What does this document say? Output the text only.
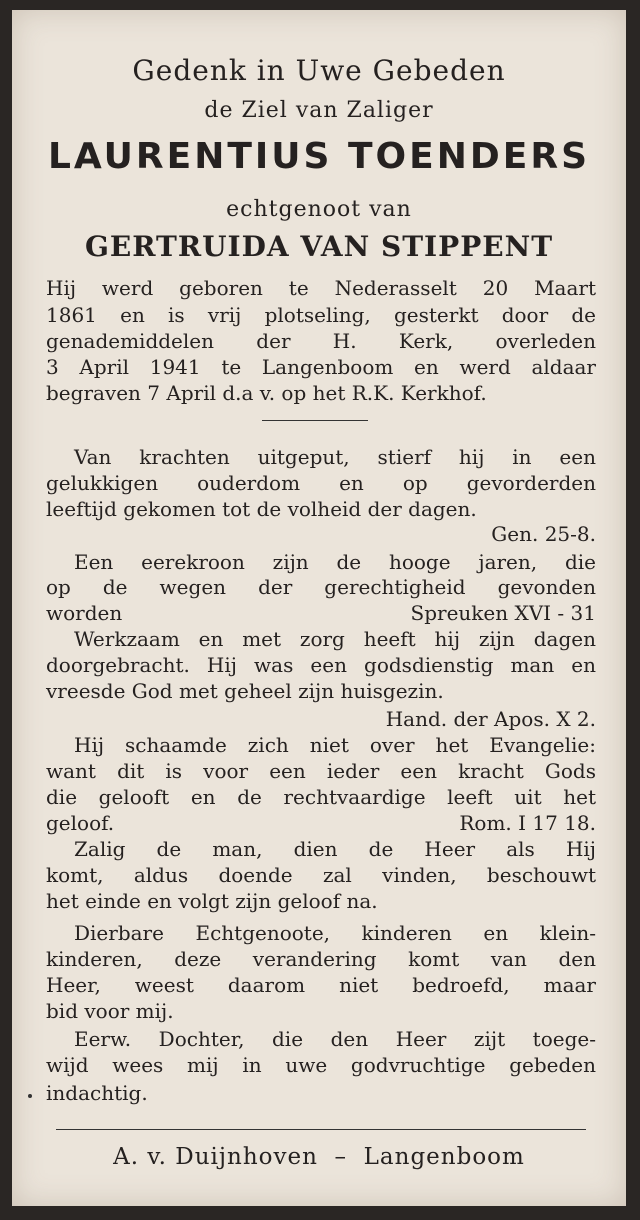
Gedenk in Uwe Gebeden
de Ziel van Zaliger
LAURENTIUS TOENDERS
echtgenoot van
GERTRUIDA VAN STIPPENT
Hij werd geboren te Nederasselt 20 Maart
1861 en is vrij plotseling, gesterkt door de
genademiddelen der H. Kerk, overleden
3 April 1941 te Langenboom en werd aldaar
begraven 7 April d.a v. op het R.K. Kerkhof.
Van krachten uitgeput, stierf hij in een
gelukkigen ouderdom en op gevorderden
leeftijd gekomen tot de volheid der dagen.
Gen. 25-8.
Een eerekroon zijn de hooge jaren, die
op de wegen der gerechtigheid gevonden
worden	Spreuken XVI - 31
Werkzaam en met zorg heeft hij zijn dagen
doorgebracht. Hij was een godsdienstig man en
vreesde God met geheel zijn huisgezin.
Hand. der Apos. X 2.
Hij schaamde zich niet over het Evangelie:
want dit is voor een ieder een kracht Gods
die gelooft en de rechtvaardige leeft uit het
geloof.	Rom. I 17 18.
Zalig de man, dien de Heer als Hij
komt, aldus doende zal vinden, beschouwt
het einde en volgt zijn geloof na.
Dierbare Echtgenoote, kinderen en klein-
kinderen, deze verandering komt van den
Heer, weest daarom niet bedroefd, maar
bid voor mij.
Eerw. Dochter, die den Heer zijt toege-
wijd wees mij in uwe godvruchtige gebeden
indachtig.
A. v. Duijnhoven – Langenboom
